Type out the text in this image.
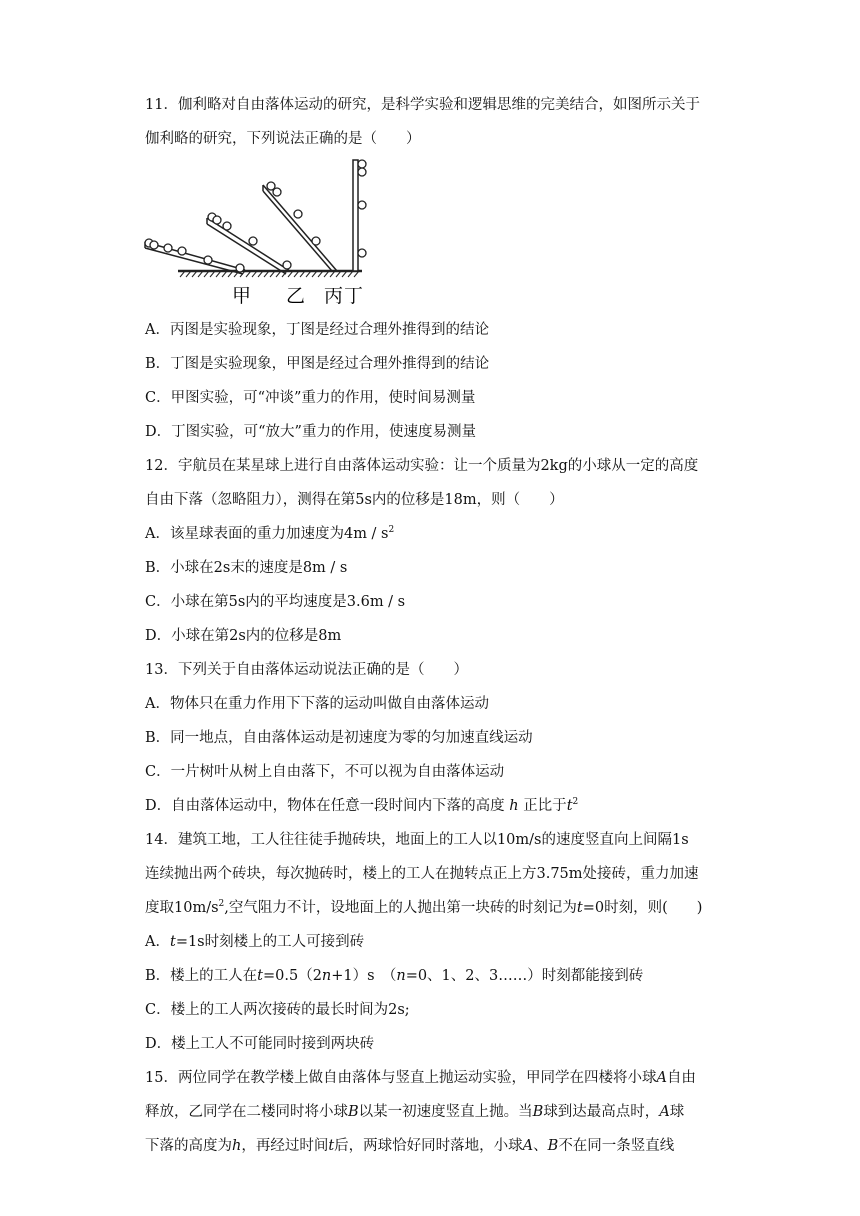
11．伽利略对自由落体运动的研究，是科学实验和逻辑思维的完美结合，如图所示关于
伽利略的研究，下列说法正确的是（　　）
甲 乙 丙 丁
A．丙图是实验现象，丁图是经过合理外推得到的结论
B．丁图是实验现象，甲图是经过合理外推得到的结论
C．甲图实验，可“冲谈”重力的作用，使时间易测量
D．丁图实验，可“放大”重力的作用，使速度易测量
12．宇航员在某星球上进行自由落体运动实验：让一个质量为2kg的小球从一定的高度
自由下落（忽略阻力），测得在第5s内的位移是18m，则（　　）
A．该星球表面的重力加速度为$4m / s^2$
B．小球在2s末的速度是8m / s
C．小球在第5s内的平均速度是3.6m / s
D．小球在第2s内的位移是8m
13．下列关于自由落体运动说法正确的是（　　）
A．物体只在重力作用下下落的运动叫做自由落体运动
B．同一地点，自由落体运动是初速度为零的匀加速直线运动
C．一片树叶从树上自由落下，不可以视为自由落体运动
D．自由落体运动中，物体在任意一段时间内下落的高度 h 正比于$t^2$
14．建筑工地，工人往往徒手抛砖块，地面上的工人以10m/s的速度竖直向上间隔1s
连续抛出两个砖块，每次抛砖时，楼上的工人在抛转点正上方3.75m处接砖，重力加速
度取$10m/s^2$,空气阻力不计，设地面上的人抛出第一块砖的时刻记为t=0时刻，则(　　)
A．t=1s时刻楼上的工人可接到砖
B．楼上的工人在t=0.5（2n+1）s　（n=0、1、2、3……）时刻都能接到砖
C．楼上的工人两次接砖的最长时间为2s;
D．楼上工人不可能同时接到两块砖
15．两位同学在教学楼上做自由落体与竖直上抛运动实验，甲同学在四楼将小球A自由
释放，乙同学在二楼同时将小球B以某一初速度竖直上抛。当B球到达最高点时，A球
下落的高度为h，再经过时间t后，两球恰好同时落地，小球A、B不在同一条竖直线
